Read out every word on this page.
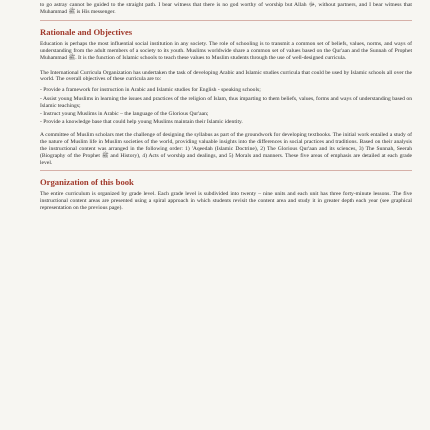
to go astray cannot be guided to the straight path. I bear witness that there is no god worthy of worship but Allah ﷻ, without partners, and I bear witness that Muhammad ﷺ is His messenger.

Rationale and Objectives

Education is perhaps the most influential social institution in any society. The role of schooling is to transmit a common set of beliefs, values, norms, and ways of understanding from the adult members of a society to its youth. Muslims worldwide share a common set of values based on the Qur'aan and the Sunnah of Prophet Muhammad ﷺ. It is the function of Islamic schools to teach these values to Muslim students through the use of well-designed curricula.

The International Curricula Organization has undertaken the task of developing Arabic and Islamic studies curricula that could be used by Islamic schools all over the world. The overall objectives of these curricula are to:

- Provide a framework for instruction in Arabic and Islamic studies for English - speaking schools;
- Assist young Muslims in learning the issues and practices of the religion of Islam, thus imparting to them beliefs, values, forms and ways of understanding based on Islamic teachings;
- Instruct young Muslims in Arabic – the language of the Glorious Qur'aan;
- Provide a knowledge base that could help young Muslims maintain their Islamic identity.

A committee of Muslim scholars met the challenge of designing the syllabus as part of the groundwork for developing textbooks. The initial work entailed a study of the nature of Muslim life in Muslim societies of the world, providing valuable insights into the differences in social practices and traditions. Based on their analysis the instructional content was arranged in the following order: 1) 'Aqeedah (Islamic Doctrine), 2) The Glorious Qur'aan and its sciences, 3) The Sunnah, Seerah (Biography of the Prophet ﷺ and History), 4) Acts of worship and dealings, and 5) Morals and manners. These five areas of emphasis are detailed at each grade level.

Organization of this book

The entire curriculum is organized by grade level. Each grade level is subdivided into twenty – nine units and each unit has three forty-minute lessons. The five instructional content areas are presented using a spiral approach in which students revisit the content area and study it in greater depth each year (see graphical representation on the previous page).
